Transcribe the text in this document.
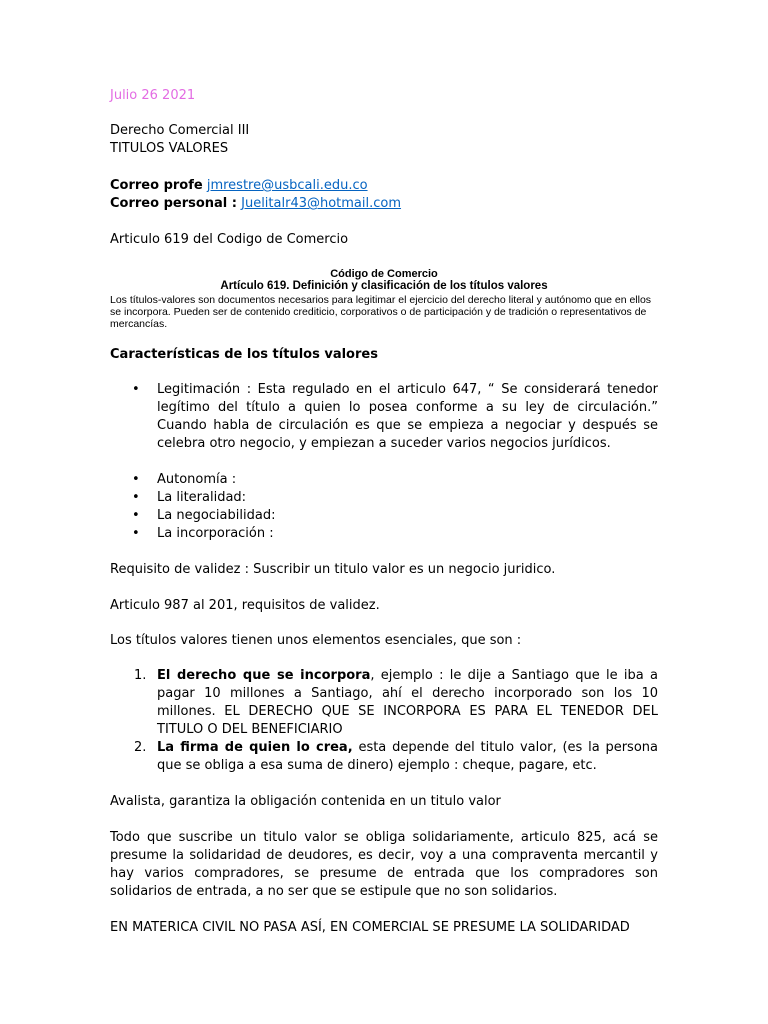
Julio 26 2021
Derecho Comercial III
TITULOS VALORES
Correo profe jmrestre@usbcali.edu.co
Correo personal : Juelitalr43@hotmail.com
Articulo 619 del Codigo de Comercio
Código de Comercio
Artículo 619. Definición y clasificación de los títulos valores
Los títulos-valores son documentos necesarios para legitimar el ejercicio del derecho literal y autónomo que en ellos se incorpora. Pueden ser de contenido crediticio, corporativos o de participación y de tradición o representativos de mercancías.
Características de los títulos valores
• Legitimación : Esta regulado en el articulo 647, “ Se considerará tenedor legítimo del título a quien lo posea conforme a su ley de circulación.” Cuando habla de circulación es que se empieza a negociar y después se celebra otro negocio, y empiezan a suceder varios negocios jurídicos.
• Autonomía :
• La literalidad:
• La negociabilidad:
• La incorporación :
Requisito de validez : Suscribir un titulo valor es un negocio juridico.
Articulo 987 al 201, requisitos de validez.
Los títulos valores tienen unos elementos esenciales, que son :
1. El derecho que se incorpora, ejemplo : le dije a Santiago que le iba a pagar 10 millones a Santiago, ahí el derecho incorporado son los 10 millones. EL DERECHO QUE SE INCORPORA ES PARA EL TENEDOR DEL TITULO O DEL BENEFICIARIO
2. La firma de quien lo crea, esta depende del titulo valor, (es la persona que se obliga a esa suma de dinero) ejemplo : cheque, pagare, etc.
Avalista, garantiza la obligación contenida en un titulo valor
Todo que suscribe un titulo valor se obliga solidariamente, articulo 825, acá se presume la solidaridad de deudores, es decir, voy a una compraventa mercantil y hay varios compradores, se presume de entrada que los compradores son solidarios de entrada, a no ser que se estipule que no son solidarios.
EN MATERICA CIVIL NO PASA ASÍ, EN COMERCIAL SE PRESUME LA SOLIDARIDAD
